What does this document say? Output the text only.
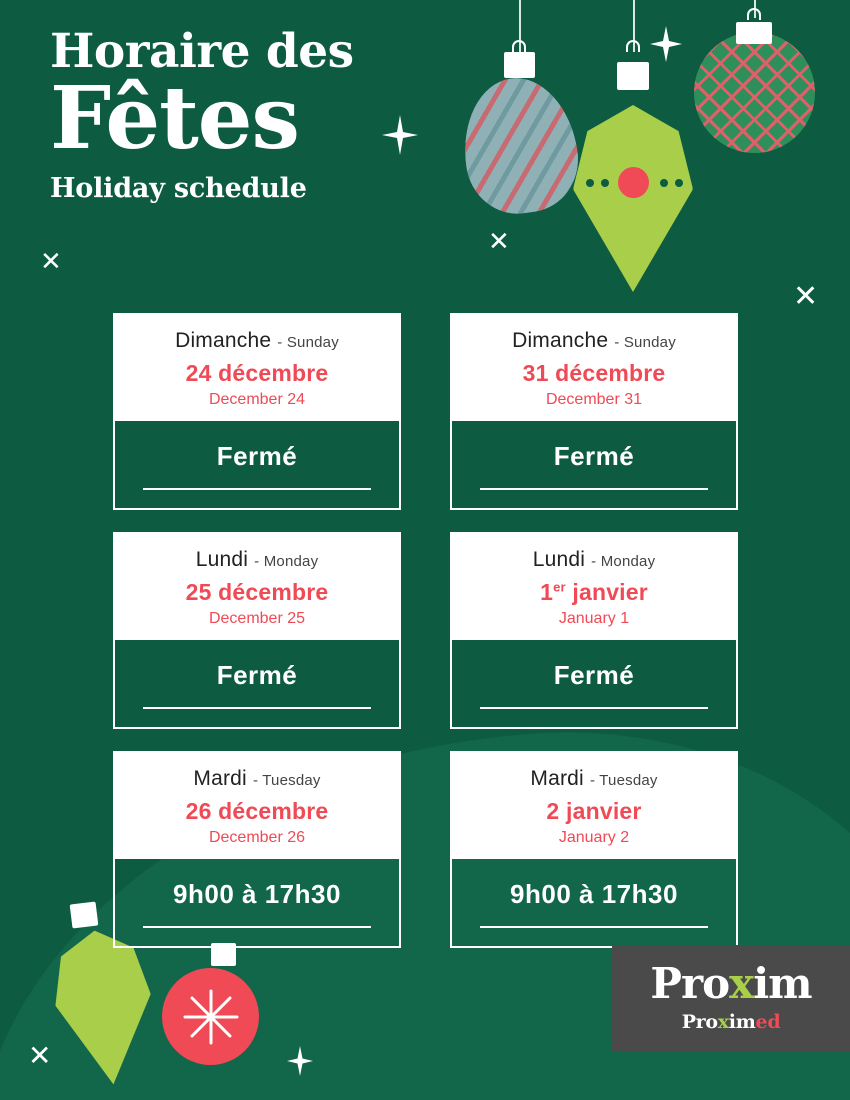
Horaire des
Fêtes
Holiday schedule
✕
✕
✕
✕
Dimanche - Sunday
24 décembre
December 24
Fermé
Dimanche - Sunday
31 décembre
December 31
Fermé
Lundi - Monday
25 décembre
December 25
Fermé
Lundi - Monday
1er janvier
January 1
Fermé
Mardi - Tuesday
26 décembre
December 26
9h00 à 17h30
Mardi - Tuesday
2 janvier
January 2
9h00 à 17h30
Proxim
Proximed
